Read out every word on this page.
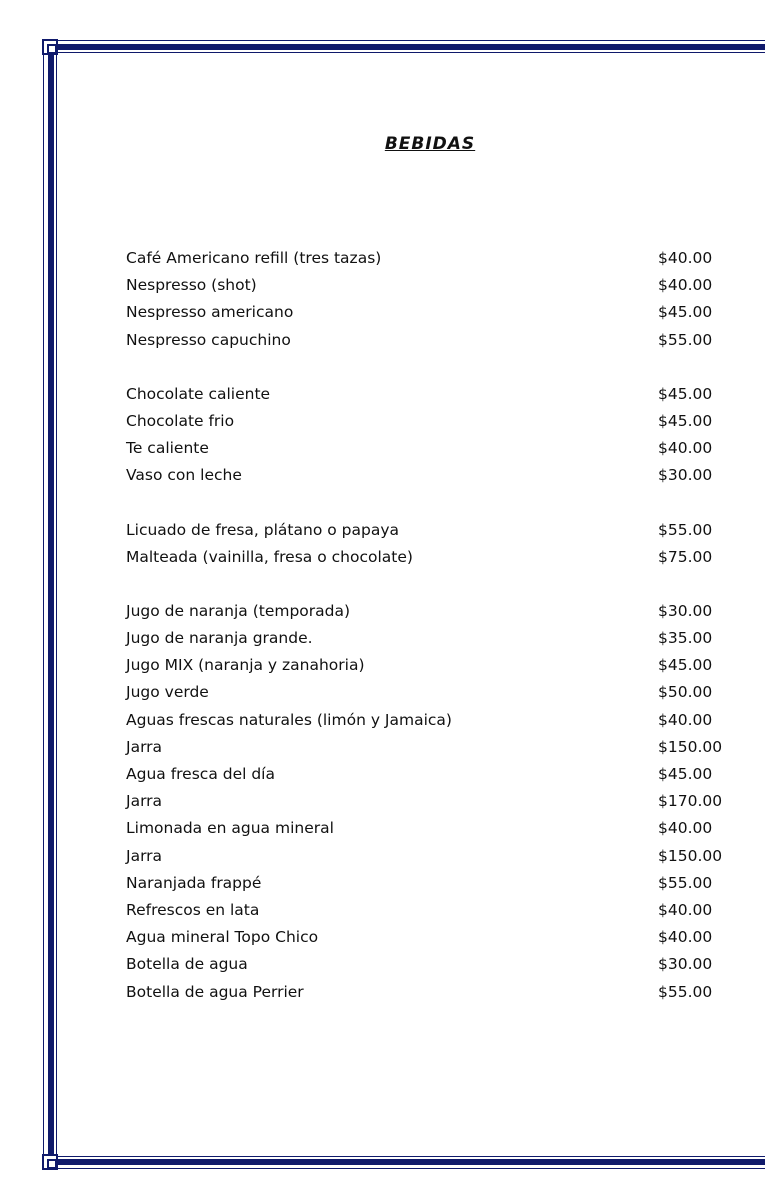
BEBIDAS
Café Americano refill (tres tazas)	$40.00
Nespresso (shot)	$40.00
Nespresso americano	$45.00
Nespresso capuchino	$55.00
Chocolate caliente	$45.00
Chocolate frio	$45.00
Te caliente	$40.00
Vaso con leche	$30.00
Licuado de fresa, plátano o papaya	$55.00
Malteada (vainilla, fresa o chocolate)	$75.00
Jugo de naranja (temporada)	$30.00
Jugo de naranja grande.	$35.00
Jugo MIX (naranja y zanahoria)	$45.00
Jugo verde	$50.00
Aguas frescas naturales (limón y Jamaica)	$40.00
Jarra	$150.00
Agua fresca del día	$45.00
Jarra	$170.00
Limonada en agua mineral	$40.00
Jarra	$150.00
Naranjada frappé	$55.00
Refrescos en lata	$40.00
Agua mineral Topo Chico	$40.00
Botella de agua	$30.00
Botella de agua Perrier	$55.00
